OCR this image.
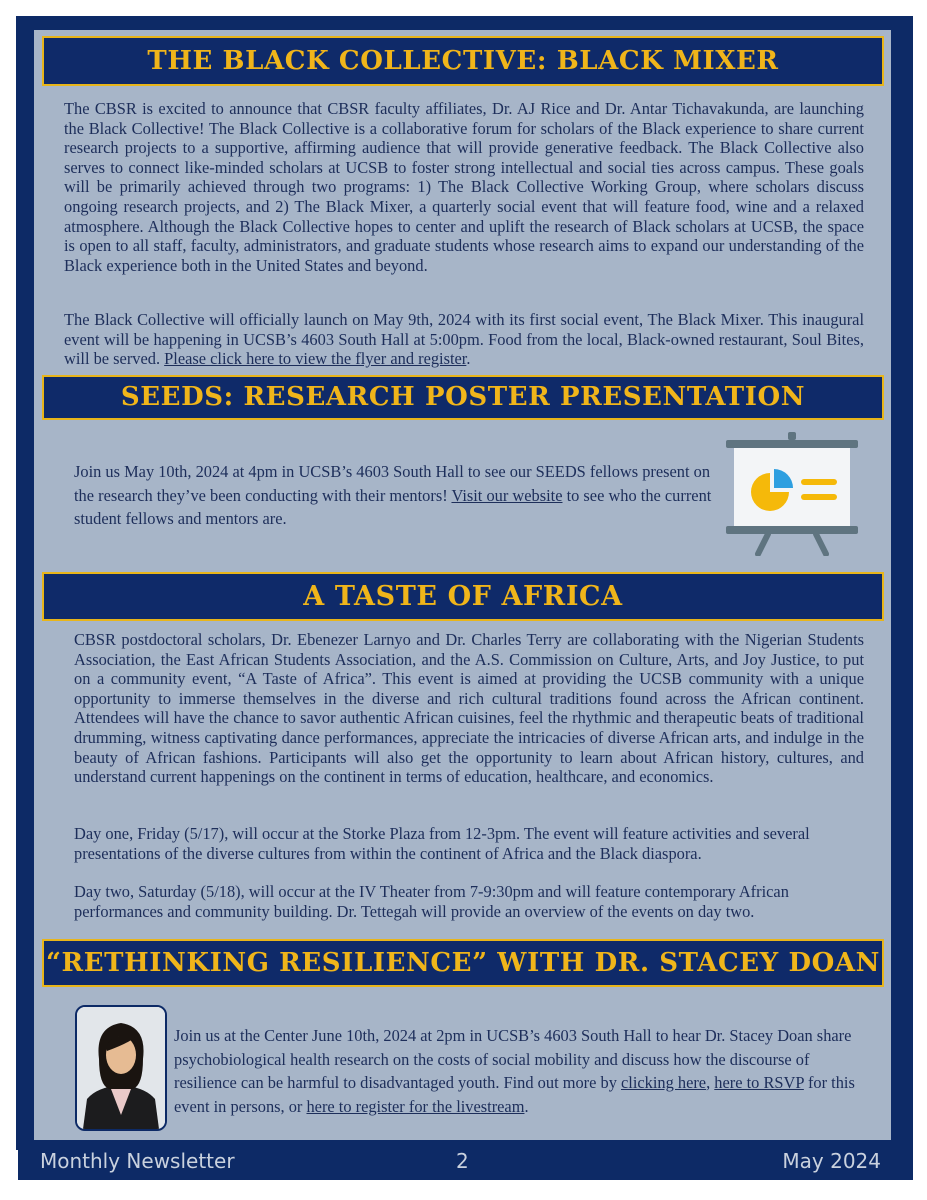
THE BLACK COLLECTIVE: BLACK MIXER

The CBSR is excited to announce that CBSR faculty affiliates, Dr. AJ Rice and Dr. Antar Tichavakunda, are launching the Black Collective! The Black Collective is a collaborative forum for scholars of the Black experience to share current research projects to a supportive, affirming audience that will provide generative feedback. The Black Collective also serves to connect like-minded scholars at UCSB to foster strong intellectual and social ties across campus. These goals will be primarily achieved through two programs: 1) The Black Collective Working Group, where scholars discuss ongoing research projects, and 2) The Black Mixer, a quarterly social event that will feature food, wine and a relaxed atmosphere. Although the Black Collective hopes to center and uplift the research of Black scholars at UCSB, the space is open to all staff, faculty, administrators, and graduate students whose research aims to expand our understanding of the Black experience both in the United States and beyond.

The Black Collective will officially launch on May 9th, 2024 with its first social event, The Black Mixer. This inaugural event will be happening in UCSB’s 4603 South Hall at 5:00pm. Food from the local, Black-owned restaurant, Soul Bites, will be served. Please click here to view the flyer and register.

SEEDS: RESEARCH POSTER PRESENTATION

Join us May 10th, 2024 at 4pm in UCSB’s 4603 South Hall to see our SEEDS fellows present on the research they’ve been conducting with their mentors! Visit our website to see who the current student fellows and mentors are.

A TASTE OF AFRICA

CBSR postdoctoral scholars, Dr. Ebenezer Larnyo and Dr. Charles Terry are collaborating with the Nigerian Students Association, the East African Students Association, and the A.S. Commission on Culture, Arts, and Joy Justice, to put on a community event, “A Taste of Africa”. This event is aimed at providing the UCSB community with a unique opportunity to immerse themselves in the diverse and rich cultural traditions found across the African continent. Attendees will have the chance to savor authentic African cuisines, feel the rhythmic and therapeutic beats of traditional drumming, witness captivating dance performances, appreciate the intricacies of diverse African arts, and indulge in the beauty of African fashions. Participants will also get the opportunity to learn about African history, cultures, and understand current happenings on the continent in terms of education, healthcare, and economics.

Day one, Friday (5/17), will occur at the Storke Plaza from 12-3pm. The event will feature activities and several presentations of the diverse cultures from within the continent of Africa and the Black diaspora.

Day two, Saturday (5/18), will occur at the IV Theater from 7-9:30pm and will feature contemporary African performances and community building. Dr. Tettegah will provide an overview of the events on day two.

“RETHINKING RESILIENCE” WITH DR. STACEY DOAN

Join us at the Center June 10th, 2024 at 2pm in UCSB’s 4603 South Hall to hear Dr. Stacey Doan share psychobiological health research on the costs of social mobility and discuss how the discourse of resilience can be harmful to disadvantaged youth. Find out more by clicking here, here to RSVP for this event in persons, or here to register for the livestream.

Monthly Newsletter	2	May 2024
